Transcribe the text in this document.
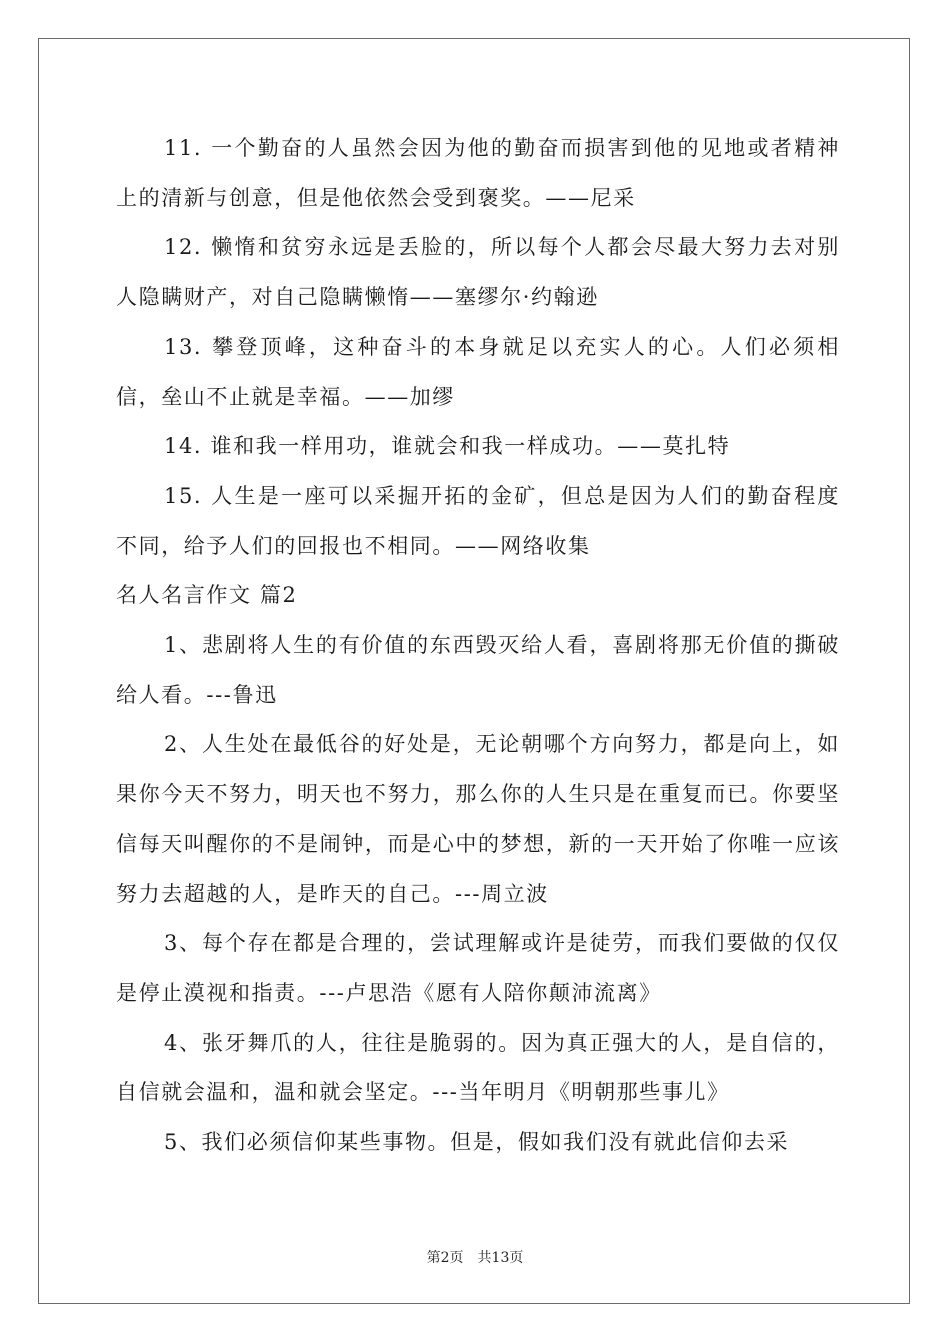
11. 一个勤奋的人虽然会因为他的勤奋而损害到他的见地或者精神上的清新与创意，但是他依然会受到褒奖。——尼采

12. 懒惰和贫穷永远是丢脸的，所以每个人都会尽最大努力去对别人隐瞒财产，对自己隐瞒懒惰——塞缪尔·约翰逊

13. 攀登顶峰，这种奋斗的本身就足以充实人的心。人们必须相信，垒山不止就是幸福。——加缪

14. 谁和我一样用功，谁就会和我一样成功。——莫扎特

15. 人生是一座可以采掘开拓的金矿，但总是因为人们的勤奋程度不同，给予人们的回报也不相同。——网络收集

名人名言作文 篇2

1、悲剧将人生的有价值的东西毁灭给人看，喜剧将那无价值的撕破给人看。---鲁迅

2、人生处在最低谷的好处是，无论朝哪个方向努力，都是向上，如果你今天不努力，明天也不努力，那么你的人生只是在重复而已。你要坚信每天叫醒你的不是闹钟，而是心中的梦想，新的一天开始了你唯一应该努力去超越的人，是昨天的自己。---周立波

3、每个存在都是合理的，尝试理解或许是徒劳，而我们要做的仅仅是停止漠视和指责。---卢思浩《愿有人陪你颠沛流离》

4、张牙舞爪的人，往往是脆弱的。因为真正强大的人，是自信的，自信就会温和，温和就会坚定。---当年明月《明朝那些事儿》

5、我们必须信仰某些事物。但是，假如我们没有就此信仰去采

第2页 共13页
